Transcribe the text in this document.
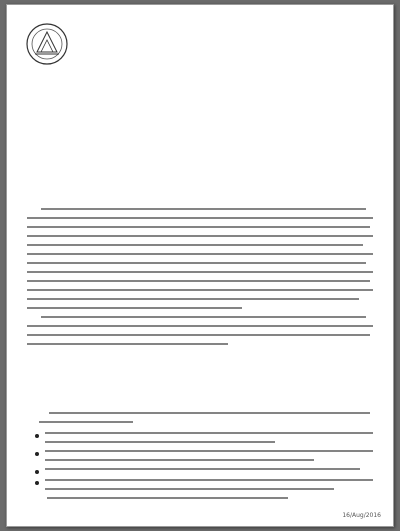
16/Aug/2016
